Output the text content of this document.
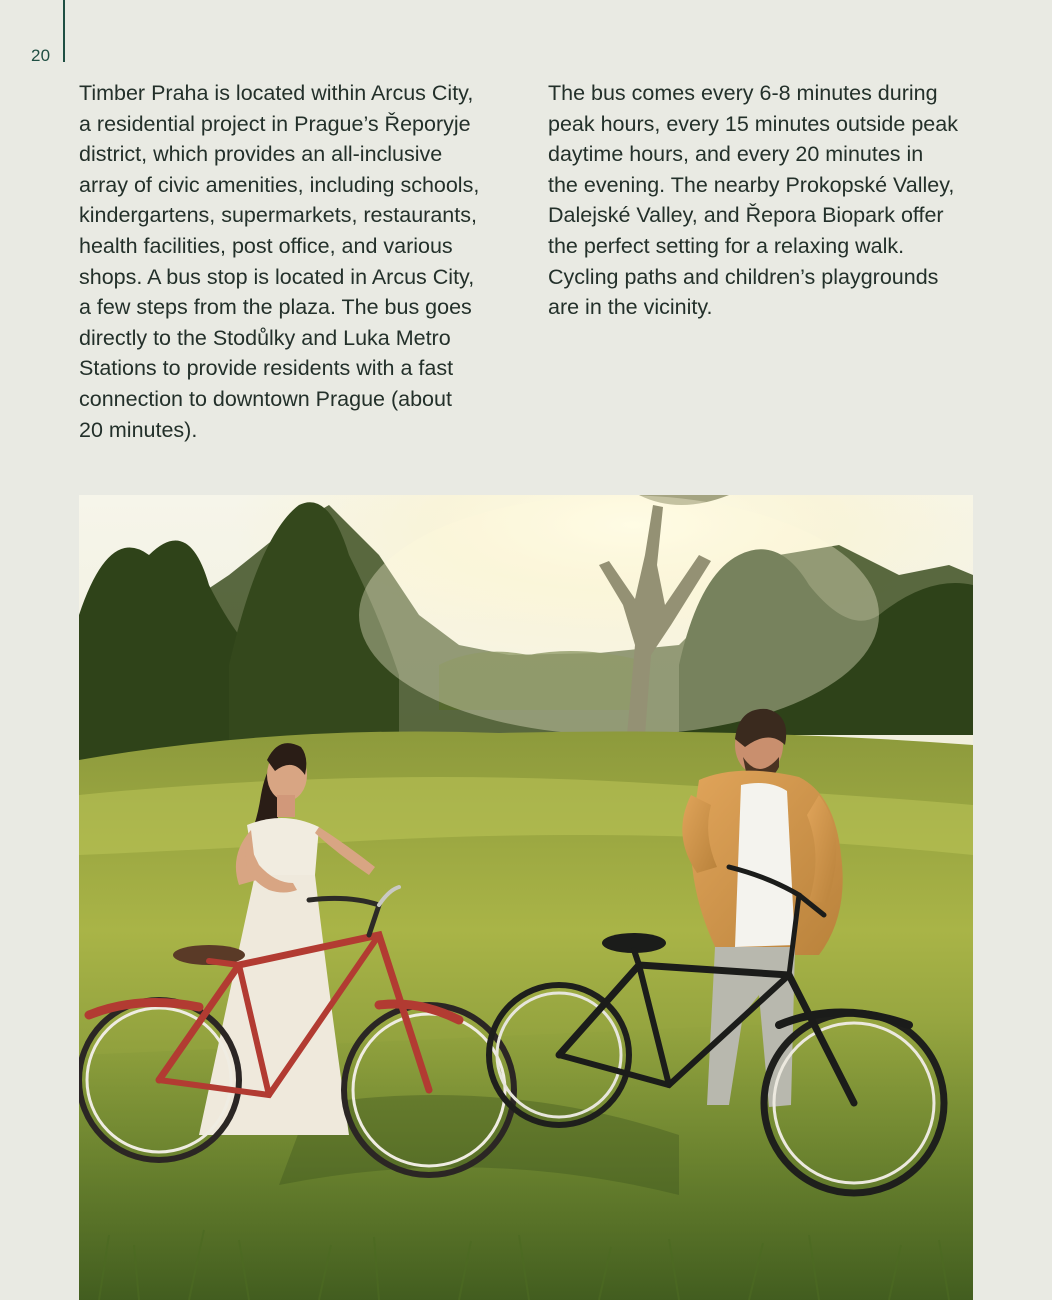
20
Timber Praha is located within Arcus City,
a residential project in Prague’s Řeporyje
district, which provides an all-inclusive
array of civic amenities, including schools,
kindergartens, supermarkets, restaurants,
health facilities, post office, and various
shops. A bus stop is located in Arcus City,
a few steps from the plaza. The bus goes
directly to the Stodůlky and Luka Metro
Stations to provide residents with a fast
connection to downtown Prague (about
20 minutes).
The bus comes every 6-8 minutes during
peak hours, every 15 minutes outside peak
daytime hours, and every 20 minutes in
the evening. The nearby Prokopské Valley,
Dalejské Valley, and Řepora Biopark offer
the perfect setting for a relaxing walk.
Cycling paths and children’s playgrounds
are in the vicinity.
